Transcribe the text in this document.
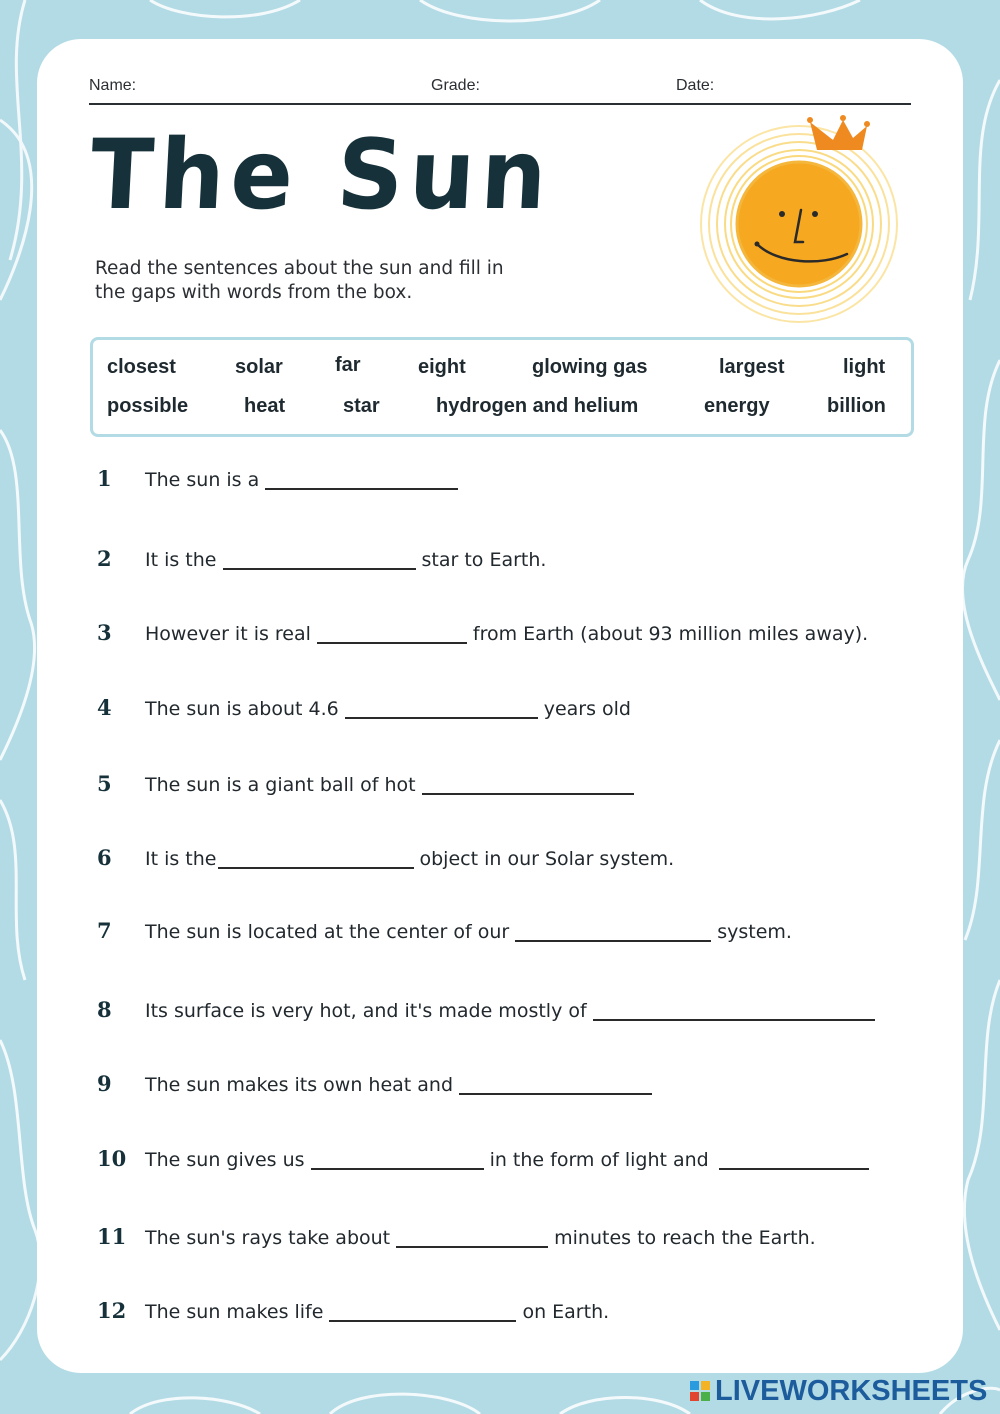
Name:	Grade:	Date:
The Sun
Read the sentences about the sun and fill in the gaps with words from the box.
closest	solar	far	eight	glowing gas	largest	light
possible	heat	star	hydrogen and helium	energy	billion
1 The sun is a
2 It is the	star to Earth.
3 However it is real	from Earth (about 93 million miles away).
4 The sun is about 4.6	years old
5 The sun is a giant ball of hot
6 It is the	object in our Solar system.
7 The sun is located at the center of our	system.
8 Its surface is very hot, and it's made mostly of
9 The sun makes its own heat and
10 The sun gives us	in the form of light and
11 The sun's rays take about	minutes to reach the Earth.
12 The sun makes life	on Earth.
LIVEWORKSHEETS
